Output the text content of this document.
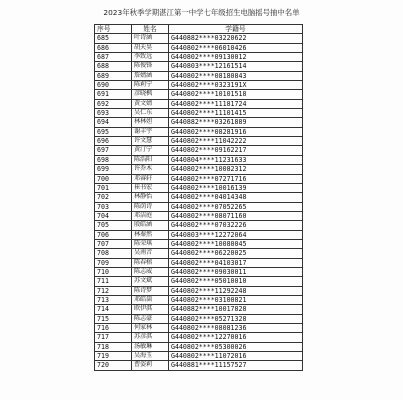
2023年秋季学期湛江第一中学七年级招生电脑摇号抽中名单
序号	姓名	学籍号
685	叶诗涵	G440882****03220622
686	胡天昊	G440802****06010426
687	李致远	G440802****09130012
688	陈俊锋	G440803****12161514
689	詹婧涵	G440802****08180843
690	陈莉宁	G440802****0323191X
691	彦晓枫	G440802****10101518
692	黄文婧	G440802****11181724
693	吴仁东	G440802****11101415
694	林林妲	G440882****03261889
695	谢丰宇	G440802****08281916
696	许文慧	G440802****11042222
697	黄汀宁	G440802****09162217
698	陈浩阳	G440804****11231633
699	许乔木	G440802****10082312
700	邓睿轩	G440802****07271716
701	崔书宏	G440802****10016139
702	林静怡	G440802****04014348
703	陈荫诗	G440802****07052265
704	邓洁庭	G440802****08071160
705	殷皓涵	G440802****07032226
706	林秦然	G440803****12272064
707	陈荣琪	G440802****10080045
708	吴南音	G440802****06220025
709	陈春榕	G440802****04103017
710	陈志威	G440802****09030011
711	苏文斌	G440802****05010010
712	陈诗梦	G440802****11292248
713	邓皓崮	G440802****03100821
714	欧伊淇	G440882****10017828
715	陈志豪	G440802****05271328
716	何家林	G440802****08081236
717	苏彦淇	G440802****12270016
718	汤敏琳	G440802****05300026
719	吴海玉	G440802****11072016
720	曹姿莉	G440881****11157527
